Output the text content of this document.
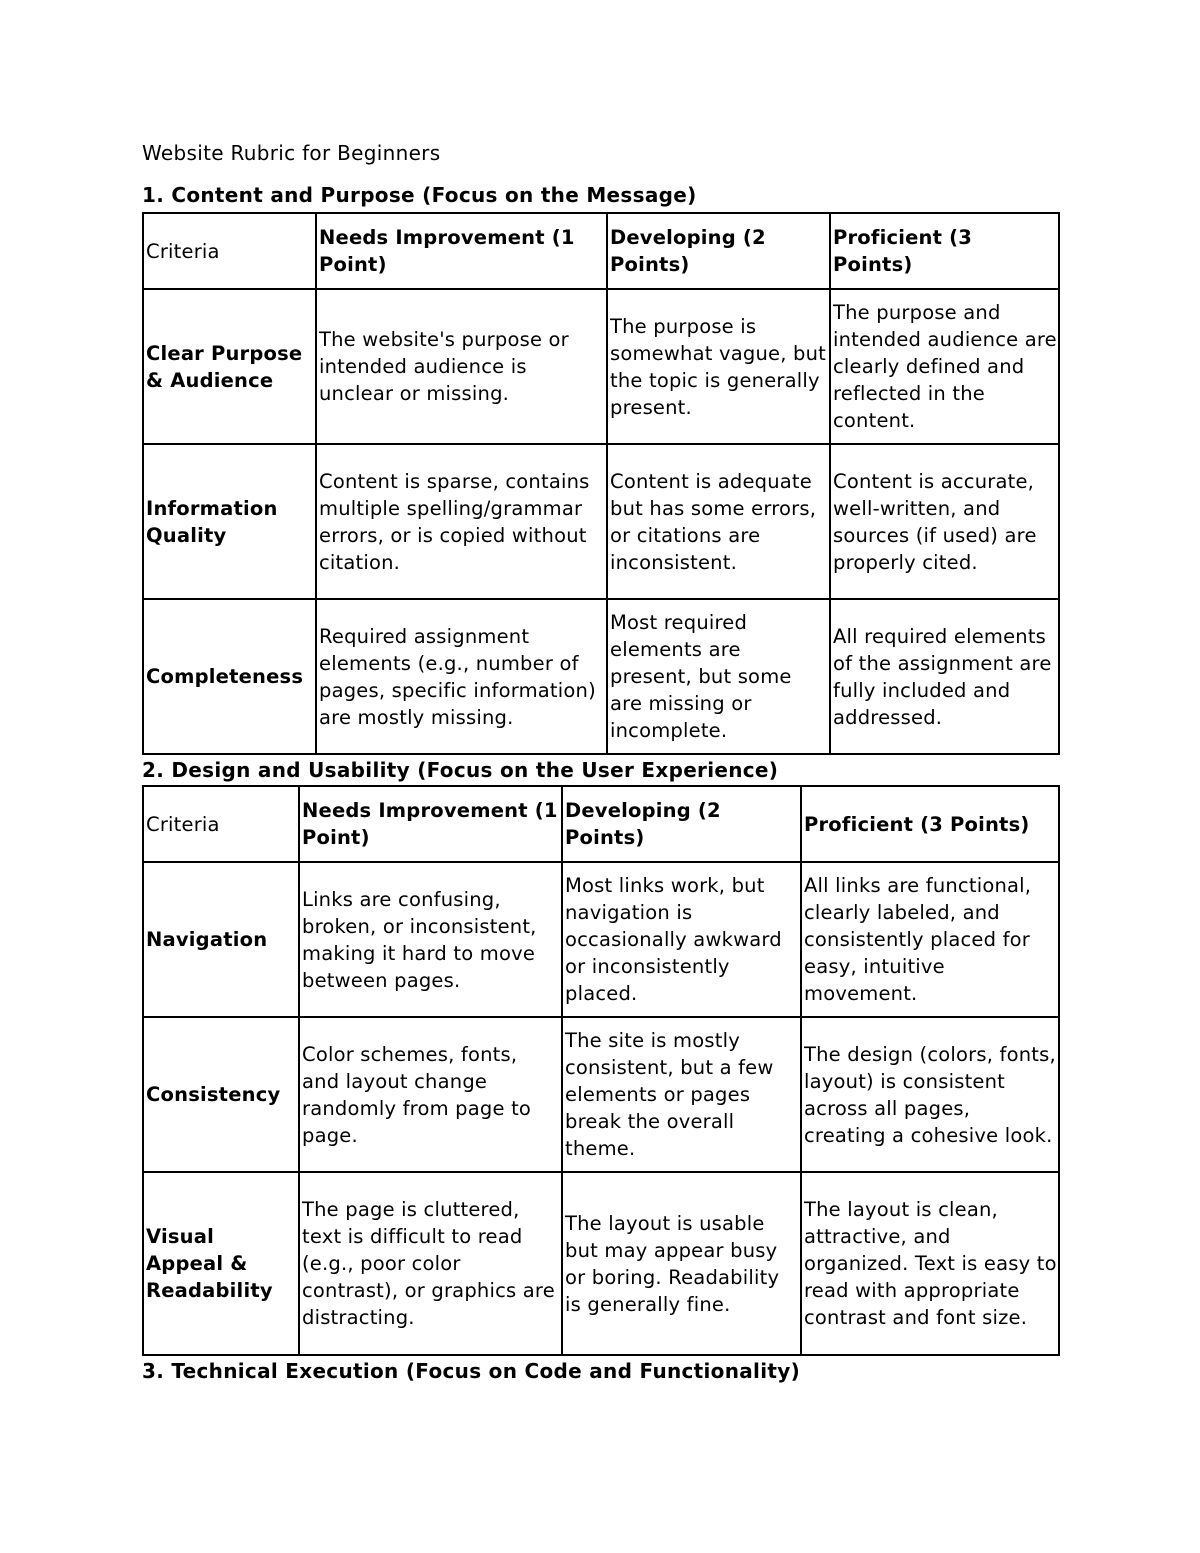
Website Rubric for Beginners
1. Content and Purpose (Focus on the Message)
Criteria	Needs Improvement (1 Point)	Developing (2 Points)	Proficient (3 Points)
Clear Purpose & Audience	The website's purpose or intended audience is unclear or missing.	The purpose is somewhat vague, but the topic is generally present.	The purpose and intended audience are clearly defined and reflected in the content.
Information Quality	Content is sparse, contains multiple spelling/grammar errors, or is copied without citation.	Content is adequate but has some errors, or citations are inconsistent.	Content is accurate, well-written, and sources (if used) are properly cited.
Completeness	Required assignment elements (e.g., number of pages, specific information) are mostly missing.	Most required elements are present, but some are missing or incomplete.	All required elements of the assignment are fully included and addressed.
2. Design and Usability (Focus on the User Experience)
Criteria	Needs Improvement (1 Point)	Developing (2 Points)	Proficient (3 Points)
Navigation	Links are confusing, broken, or inconsistent, making it hard to move between pages.	Most links work, but navigation is occasionally awkward or inconsistently placed.	All links are functional, clearly labeled, and consistently placed for easy, intuitive movement.
Consistency	Color schemes, fonts, and layout change randomly from page to page.	The site is mostly consistent, but a few elements or pages break the overall theme.	The design (colors, fonts, layout) is consistent across all pages, creating a cohesive look.
Visual Appeal & Readability	The page is cluttered, text is difficult to read (e.g., poor color contrast), or graphics are distracting.	The layout is usable but may appear busy or boring. Readability is generally fine.	The layout is clean, attractive, and organized. Text is easy to read with appropriate contrast and font size.
3. Technical Execution (Focus on Code and Functionality)
